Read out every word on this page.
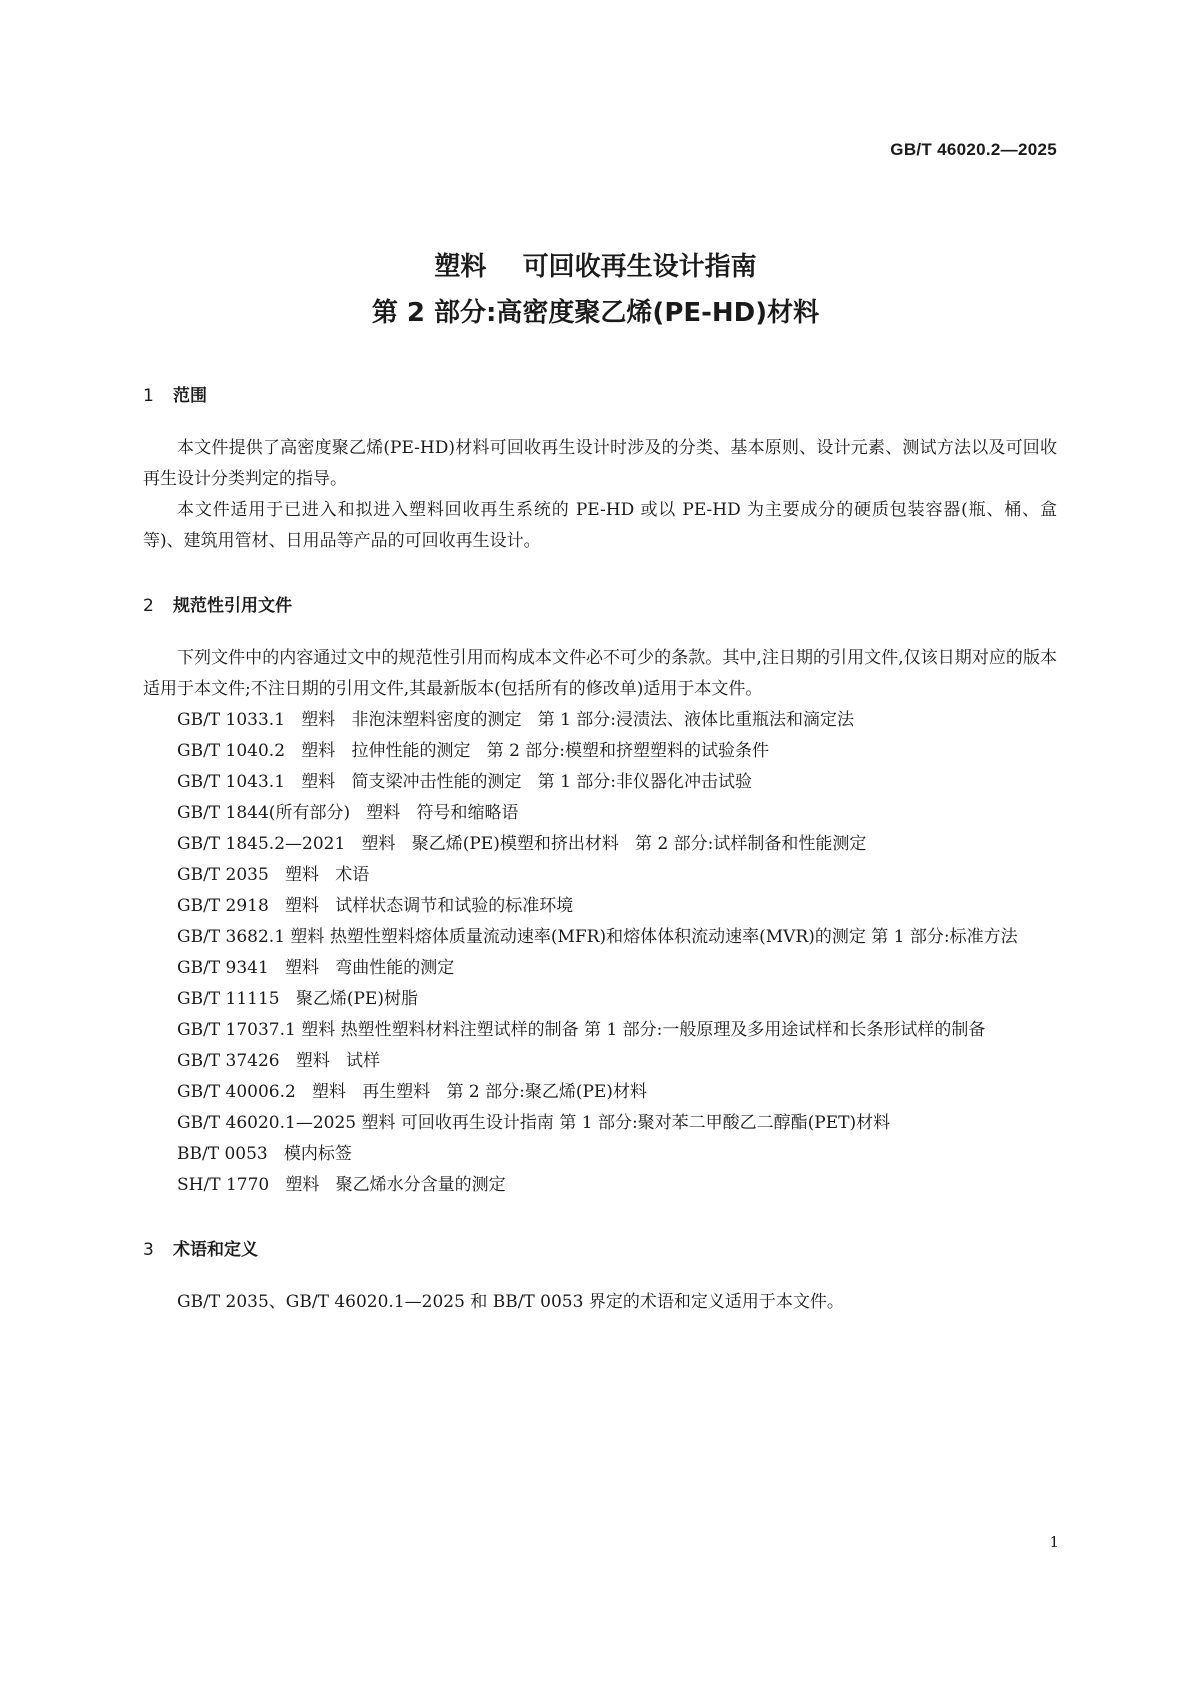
GB/T 46020.2—2025
塑料    可回收再生设计指南
第 2 部分:高密度聚乙烯(PE-HD)材料
1 范围

本文件提供了高密度聚乙烯(PE-HD)材料可回收再生设计时涉及的分类、基本原则、设计元素、测试方法以及可回收再生设计分类判定的指导。

本文件适用于已进入和拟进入塑料回收再生系统的 PE-HD 或以 PE-HD 为主要成分的硬质包装容器(瓶、桶、盒等)、建筑用管材、日用品等产品的可回收再生设计。

2 规范性引用文件

下列文件中的内容通过文中的规范性引用而构成本文件必不可少的条款。其中,注日期的引用文件,仅该日期对应的版本适用于本文件;不注日期的引用文件,其最新版本(包括所有的修改单)适用于本文件。

GB/T 1033.1   塑料   非泡沫塑料密度的测定   第 1 部分:浸渍法、液体比重瓶法和滴定法

GB/T 1040.2   塑料   拉伸性能的测定   第 2 部分:模塑和挤塑塑料的试验条件

GB/T 1043.1   塑料   简支梁冲击性能的测定   第 1 部分:非仪器化冲击试验

GB/T 1844(所有部分)   塑料   符号和缩略语

GB/T 1845.2—2021   塑料   聚乙烯(PE)模塑和挤出材料   第 2 部分:试样制备和性能测定

GB/T 2035   塑料   术语

GB/T 2918   塑料   试样状态调节和试验的标准环境

GB/T 3682.1 塑料 热塑性塑料熔体质量流动速率(MFR)和熔体体积流动速率(MVR)的测定 第 1 部分:标准方法

GB/T 9341   塑料   弯曲性能的测定

GB/T 11115   聚乙烯(PE)树脂

GB/T 17037.1 塑料 热塑性塑料材料注塑试样的制备 第 1 部分:一般原理及多用途试样和长条形试样的制备

GB/T 37426   塑料   试样

GB/T 40006.2   塑料   再生塑料   第 2 部分:聚乙烯(PE)材料

GB/T 46020.1—2025 塑料 可回收再生设计指南 第 1 部分:聚对苯二甲酸乙二醇酯(PET)材料

BB/T 0053   模内标签

SH/T 1770   塑料   聚乙烯水分含量的测定

3 术语和定义

GB/T 2035、GB/T 46020.1—2025 和 BB/T 0053 界定的术语和定义适用于本文件。

1
